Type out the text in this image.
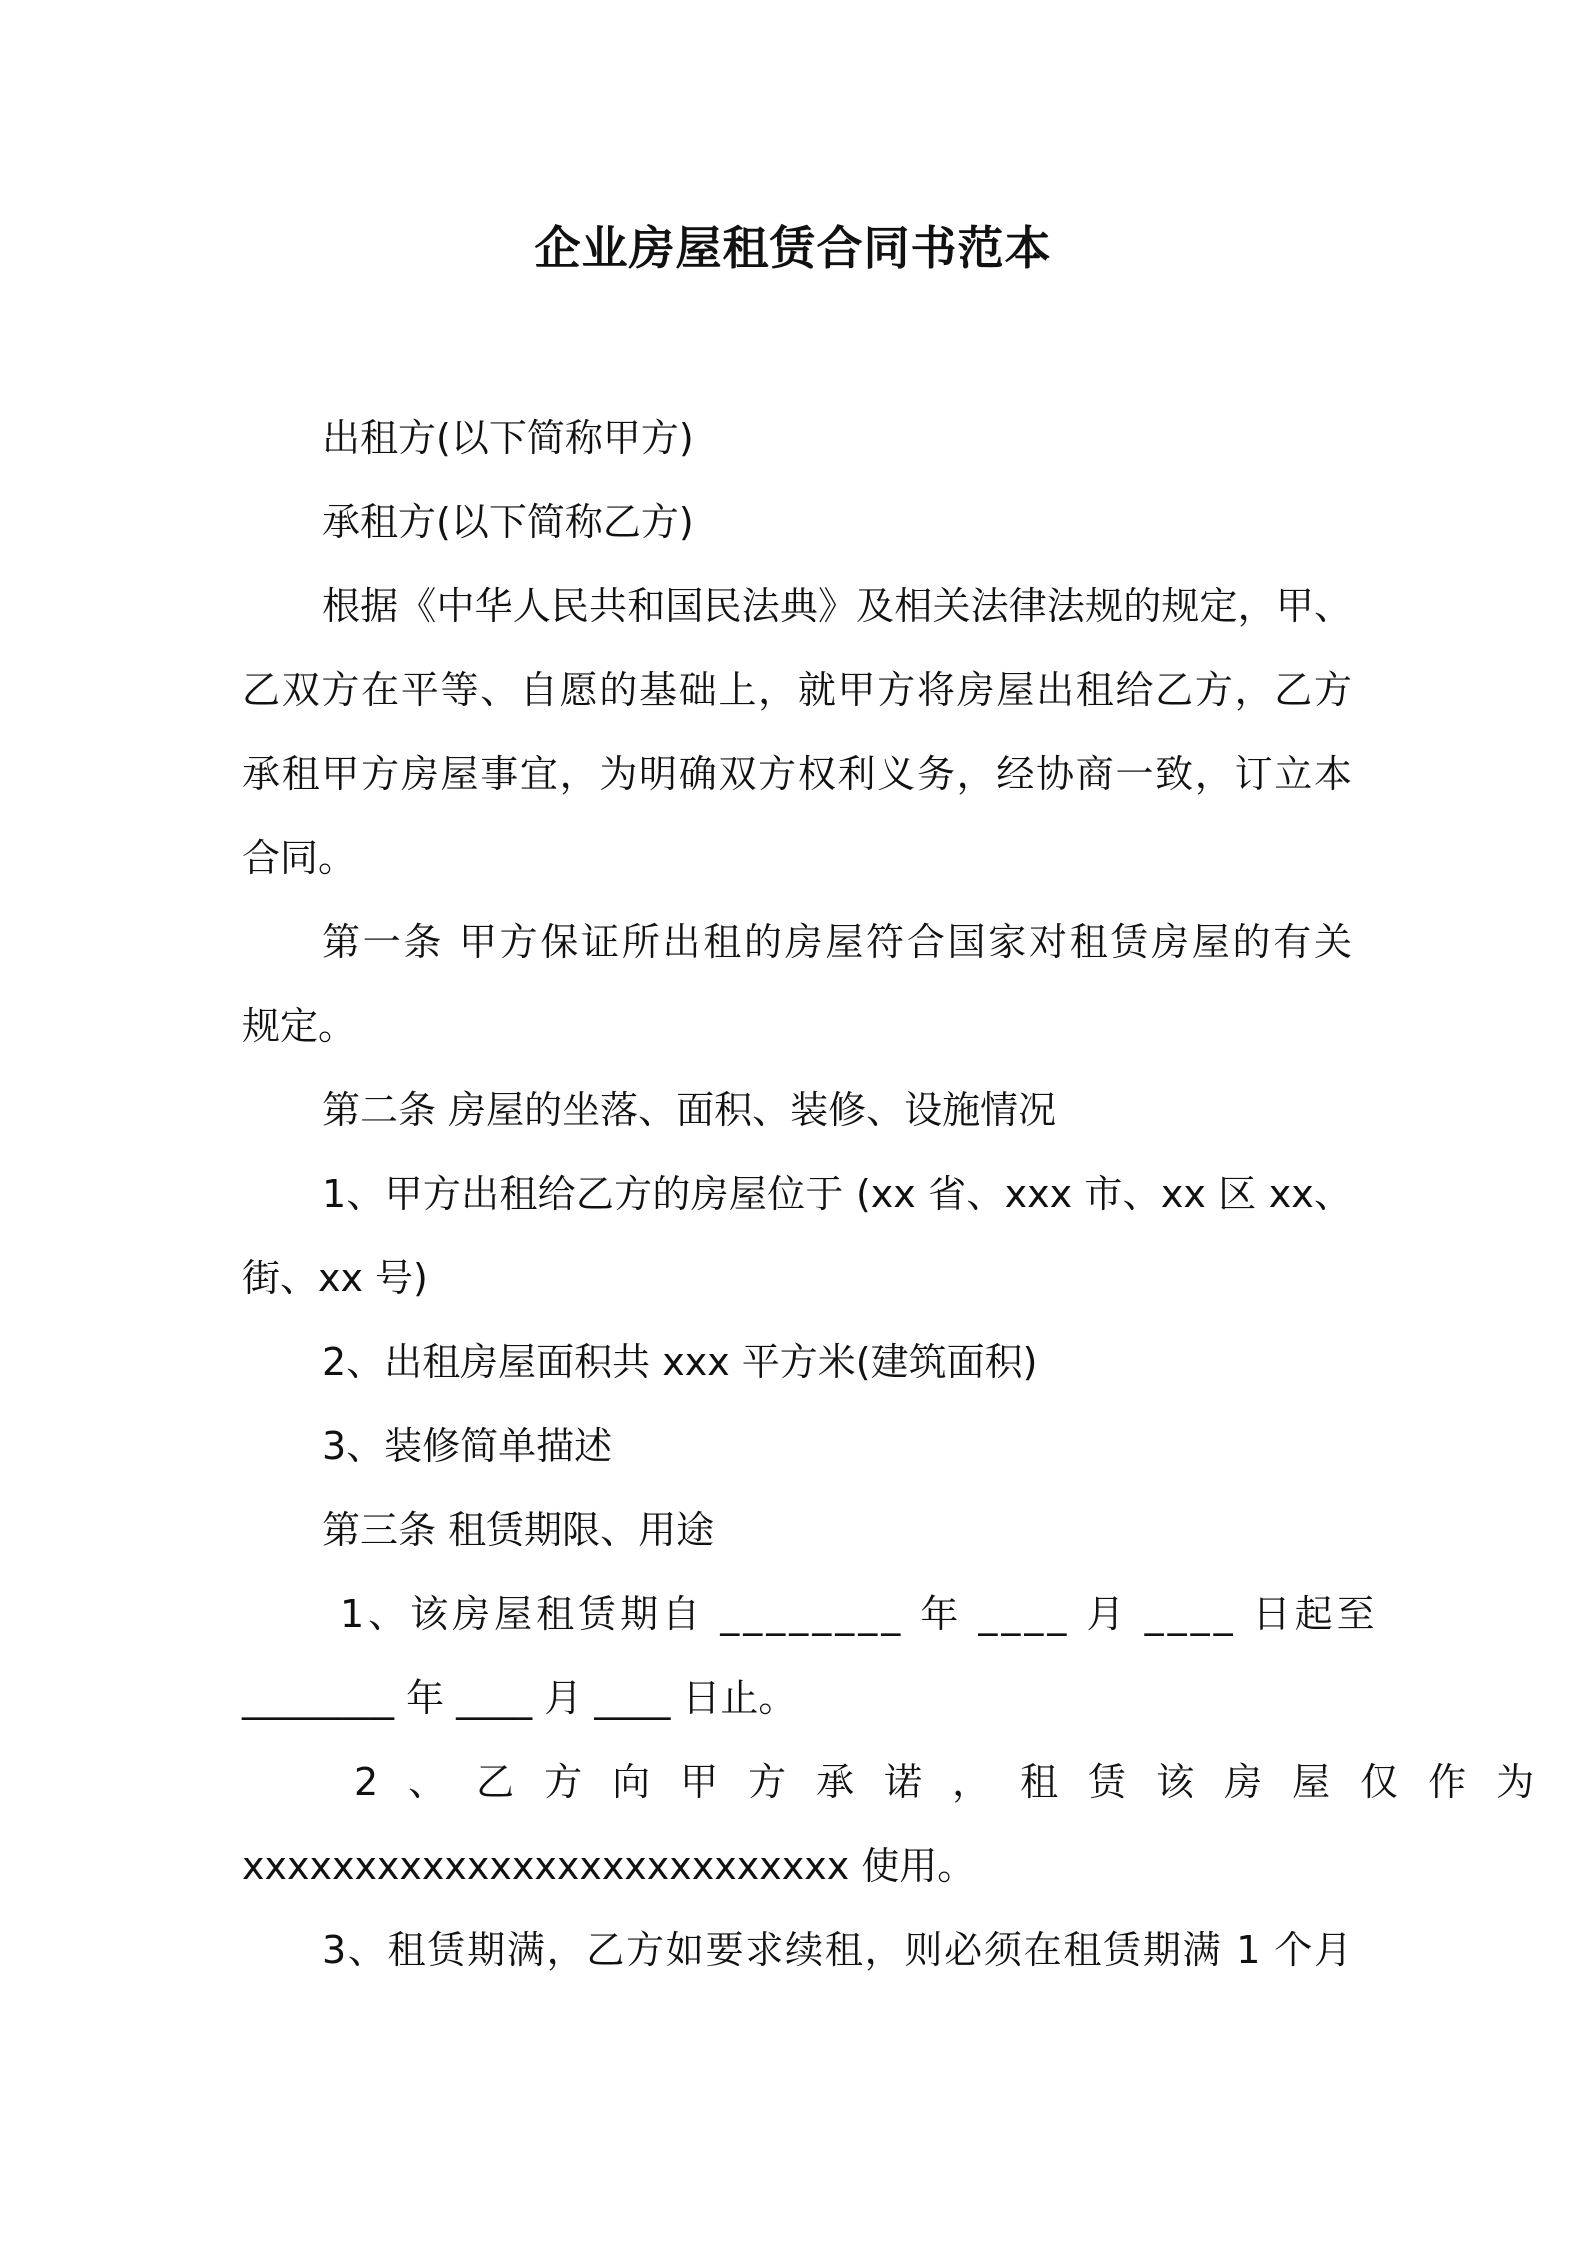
企业房屋租赁合同书范本
出租方(以下简称甲方)
承租方(以下简称乙方)
根据《中华人民共和国民法典》及相关法律法规的规定，甲、
乙双方在平等、自愿的基础上，就甲方将房屋出租给乙方，乙方
承租甲方房屋事宜，为明确双方权利义务，经协商一致，订立本
合同。
第一条 甲方保证所出租的房屋符合国家对租赁房屋的有关
规定。
第二条 房屋的坐落、面积、装修、设施情况
1、甲方出租给乙方的房屋位于 (xx 省、xxx 市、xx 区 xx、
街、xx 号)
2、出租房屋面积共 xxx 平方米(建筑面积)
3、装修简单描述
第三条 租赁期限、用途
1、该房屋租赁期自 ________ 年 ____ 月 ____ 日起至
________ 年 ____ 月 ____ 日止。
2、乙方向甲方承诺，租赁该房屋仅作为
xxxxxxxxxxxxxxxxxxxxxxxxxxx 使用。
3、租赁期满，乙方如要求续租，则必须在租赁期满 1 个月
